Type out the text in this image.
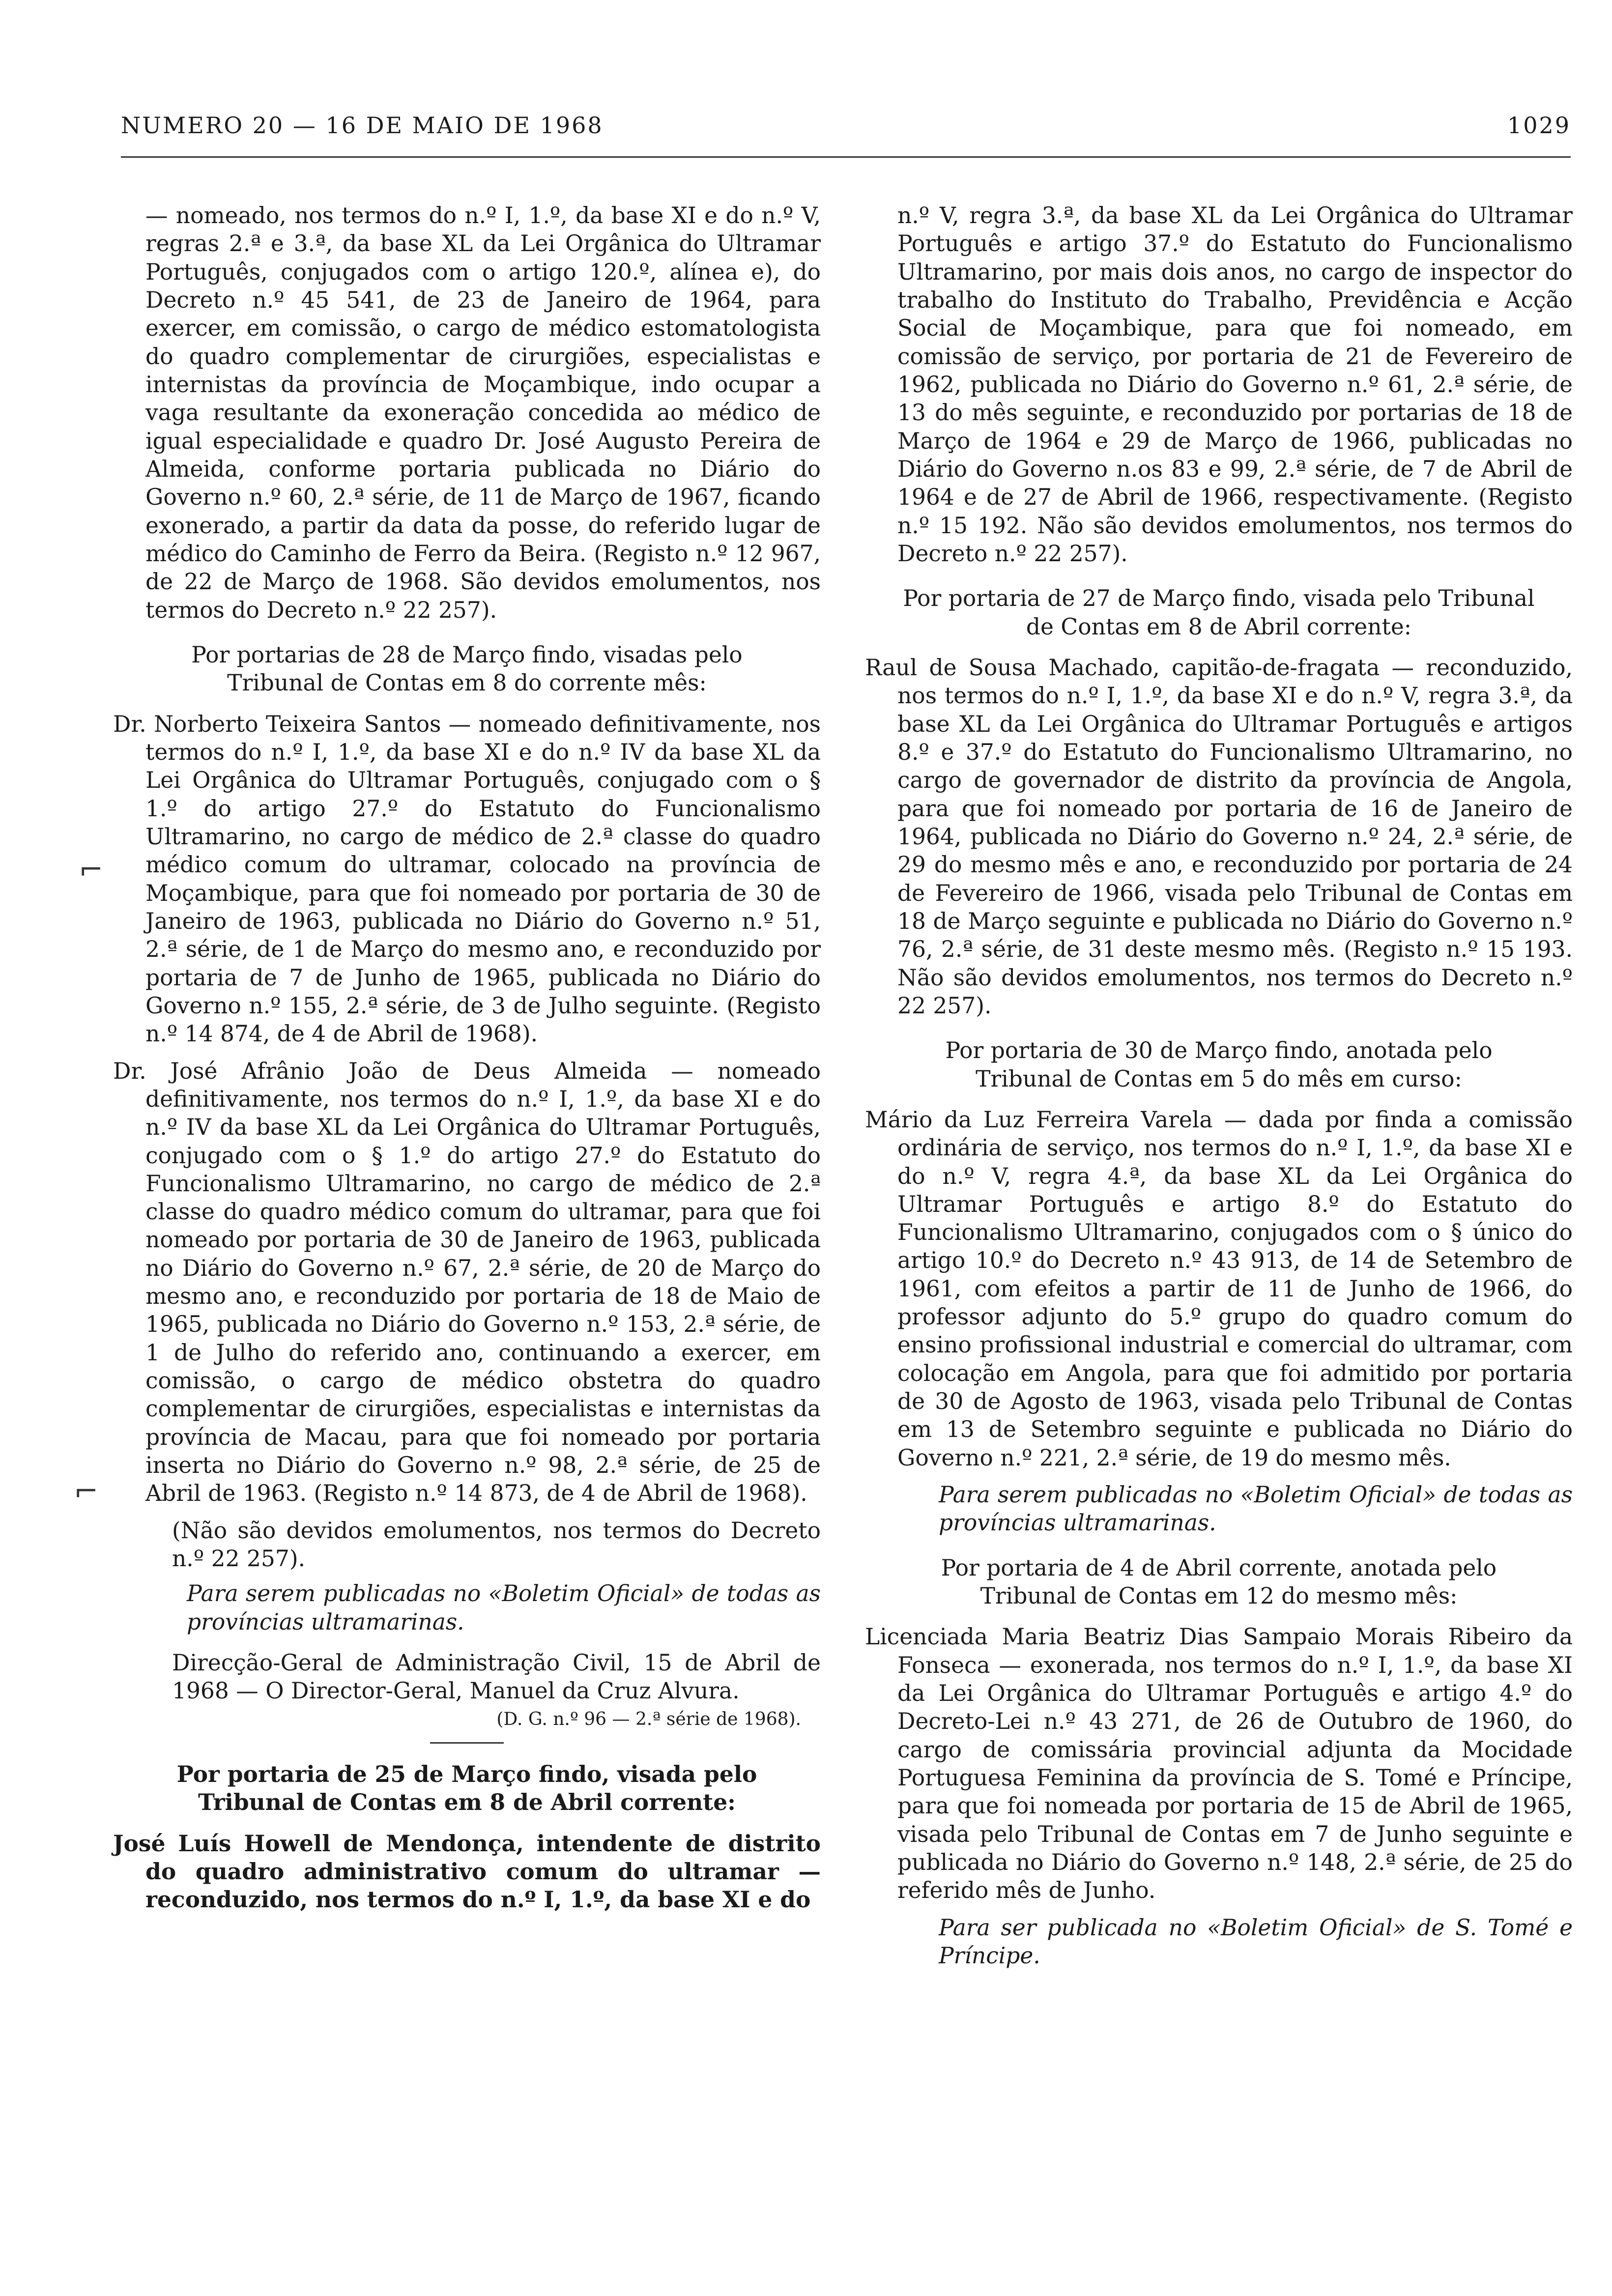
NUMERO 20 — 16 DE MAIO DE 1968	1029
⌐
⌐

— nomeado, nos termos do n.º I, 1.º, da base XI e do n.º V, regras 2.ª e 3.ª, da base XL da Lei Orgânica do Ultramar Português, conjugados com o artigo 120.º, alínea e), do Decreto n.º 45 541, de 23 de Janeiro de 1964, para exercer, em comissão, o cargo de médico estomatologista do quadro complementar de cirurgiões, especialistas e internistas da província de Moçambique, indo ocupar a vaga resultante da exoneração concedida ao médico de igual especialidade e quadro Dr. José Augusto Pereira de Almeida, conforme portaria publicada no Diário do Governo n.º 60, 2.ª série, de 11 de Março de 1967, ficando exonerado, a partir da data da posse, do referido lugar de médico do Caminho de Ferro da Beira. (Registo n.º 12 967, de 22 de Março de 1968. São devidos emolumentos, nos termos do Decreto n.º 22 257).

Por portarias de 28 de Março findo, visadas pelo Tribunal de Contas em 8 do corrente mês:

Dr. Norberto Teixeira Santos — nomeado definitivamente, nos termos do n.º I, 1.º, da base XI e do n.º IV da base XL da Lei Orgânica do Ultramar Português, conjugado com o § 1.º do artigo 27.º do Estatuto do Funcionalismo Ultramarino, no cargo de médico de 2.ª classe do quadro médico comum do ultramar, colocado na província de Moçambique, para que foi nomeado por portaria de 30 de Janeiro de 1963, publicada no Diário do Governo n.º 51, 2.ª série, de 1 de Março do mesmo ano, e reconduzido por portaria de 7 de Junho de 1965, publicada no Diário do Governo n.º 155, 2.ª série, de 3 de Julho seguinte. (Registo n.º 14 874, de 4 de Abril de 1968).

Dr. José Afrânio João de Deus Almeida — nomeado definitivamente, nos termos do n.º I, 1.º, da base XI e do n.º IV da base XL da Lei Orgânica do Ultramar Português, conjugado com o § 1.º do artigo 27.º do Estatuto do Funcionalismo Ultramarino, no cargo de médico de 2.ª classe do quadro médico comum do ultramar, para que foi nomeado por portaria de 30 de Janeiro de 1963, publicada no Diário do Governo n.º 67, 2.ª série, de 20 de Março do mesmo ano, e reconduzido por portaria de 18 de Maio de 1965, publicada no Diário do Governo n.º 153, 2.ª série, de 1 de Julho do referido ano, continuando a exercer, em comissão, o cargo de médico obstetra do quadro complementar de cirurgiões, especialistas e internistas da província de Macau, para que foi nomeado por portaria inserta no Diário do Governo n.º 98, 2.ª série, de 25 de Abril de 1963. (Registo n.º 14 873, de 4 de Abril de 1968).

(Não são devidos emolumentos, nos termos do Decreto n.º 22 257).

Para serem publicadas no «Boletim Oficial» de todas as províncias ultramarinas.

Direcção-Geral de Administração Civil, 15 de Abril de 1968 — O Director-Geral, Manuel da Cruz Alvura.

(D. G. n.º 96 — 2.ª série de 1968).

Por portaria de 25 de Março findo, visada pelo Tribunal de Contas em 8 de Abril corrente:

José Luís Howell de Mendonça, intendente de distrito do quadro administrativo comum do ultramar — reconduzido, nos termos do n.º I, 1.º, da base XI e do

n.º V, regra 3.ª, da base XL da Lei Orgânica do Ultramar Português e artigo 37.º do Estatuto do Funcionalismo Ultramarino, por mais dois anos, no cargo de inspector do trabalho do Instituto do Trabalho, Previdência e Acção Social de Moçambique, para que foi nomeado, em comissão de serviço, por portaria de 21 de Fevereiro de 1962, publicada no Diário do Governo n.º 61, 2.ª série, de 13 do mês seguinte, e reconduzido por portarias de 18 de Março de 1964 e 29 de Março de 1966, publicadas no Diário do Governo n.os 83 e 99, 2.ª série, de 7 de Abril de 1964 e de 27 de Abril de 1966, respectivamente. (Registo n.º 15 192. Não são devidos emolumentos, nos termos do Decreto n.º 22 257).

Por portaria de 27 de Março findo, visada pelo Tribunal de Contas em 8 de Abril corrente:

Raul de Sousa Machado, capitão-de-fragata — reconduzido, nos termos do n.º I, 1.º, da base XI e do n.º V, regra 3.ª, da base XL da Lei Orgânica do Ultramar Português e artigos 8.º e 37.º do Estatuto do Funcionalismo Ultramarino, no cargo de governador de distrito da província de Angola, para que foi nomeado por portaria de 16 de Janeiro de 1964, publicada no Diário do Governo n.º 24, 2.ª série, de 29 do mesmo mês e ano, e reconduzido por portaria de 24 de Fevereiro de 1966, visada pelo Tribunal de Contas em 18 de Março seguinte e publicada no Diário do Governo n.º 76, 2.ª série, de 31 deste mesmo mês. (Registo n.º 15 193. Não são devidos emolumentos, nos termos do Decreto n.º 22 257).

Por portaria de 30 de Março findo, anotada pelo Tribunal de Contas em 5 do mês em curso:

Mário da Luz Ferreira Varela — dada por finda a comissão ordinária de serviço, nos termos do n.º I, 1.º, da base XI e do n.º V, regra 4.ª, da base XL da Lei Orgânica do Ultramar Português e artigo 8.º do Estatuto do Funcionalismo Ultramarino, conjugados com o § único do artigo 10.º do Decreto n.º 43 913, de 14 de Setembro de 1961, com efeitos a partir de 11 de Junho de 1966, do professor adjunto do 5.º grupo do quadro comum do ensino profissional industrial e comercial do ultramar, com colocação em Angola, para que foi admitido por portaria de 30 de Agosto de 1963, visada pelo Tribunal de Contas em 13 de Setembro seguinte e publicada no Diário do Governo n.º 221, 2.ª série, de 19 do mesmo mês.

Para serem publicadas no «Boletim Oficial» de todas as províncias ultramarinas.

Por portaria de 4 de Abril corrente, anotada pelo Tribunal de Contas em 12 do mesmo mês:

Licenciada Maria Beatriz Dias Sampaio Morais Ribeiro da Fonseca — exonerada, nos termos do n.º I, 1.º, da base XI da Lei Orgânica do Ultramar Português e artigo 4.º do Decreto-Lei n.º 43 271, de 26 de Outubro de 1960, do cargo de comissária provincial adjunta da Mocidade Portuguesa Feminina da província de S. Tomé e Príncipe, para que foi nomeada por portaria de 15 de Abril de 1965, visada pelo Tribunal de Contas em 7 de Junho seguinte e publicada no Diário do Governo n.º 148, 2.ª série, de 25 do referido mês de Junho.

Para ser publicada no «Boletim Oficial» de S. Tomé e Príncipe.
